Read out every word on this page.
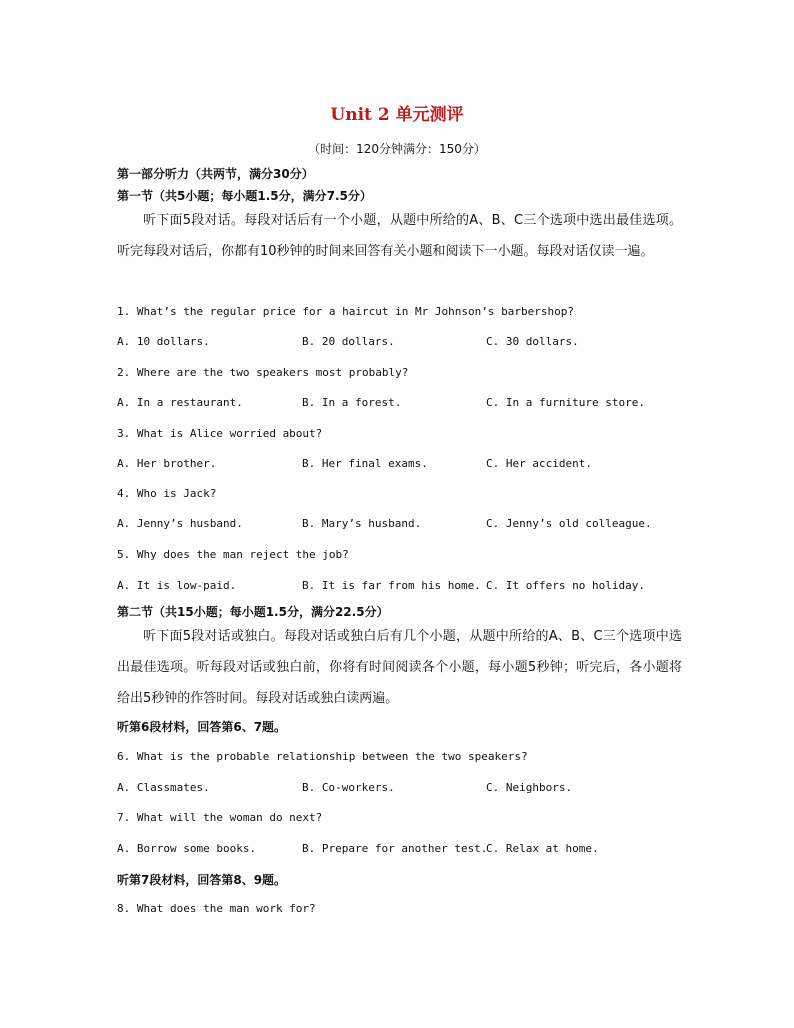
Unit 2 单元测评
（时间：120分钟满分：150分）
第一部分听力（共两节，满分30分）
第一节（共5小题；每小题1.5分，满分7.5分）
听下面5段对话。每段对话后有一个小题，从题中所给的A、B、C三个选项中选出最佳选项。听完每段对话后，你都有10秒钟的时间来回答有关小题和阅读下一小题。每段对话仅读一遍。
1. What’s the regular price for a haircut in Mr Johnson’s barbershop?
A. 10 dollars.	B. 20 dollars.	C. 30 dollars.
2. Where are the two speakers most probably?
A. In a restaurant.	B. In a forest.	C. In a furniture store.
3. What is Alice worried about?
A. Her brother.	B. Her final exams.	C. Her accident.
4. Who is Jack?
A. Jenny’s husband.	B. Mary’s husband.	C. Jenny’s old colleague.
5. Why does the man reject the job?
A. It is low-paid.	B. It is far from his home. C. It offers no holiday.
第二节（共15小题；每小题1.5分，满分22.5分）
听下面5段对话或独白。每段对话或独白后有几个小题，从题中所给的A、B、C三个选项中选出最佳选项。听每段对话或独白前，你将有时间阅读各个小题，每小题5秒钟；听完后，各小题将给出5秒钟的作答时间。每段对话或独白读两遍。
听第6段材料，回答第6、7题。
6. What is the probable relationship between the two speakers?
A. Classmates.	B. Co-workers.	C. Neighbors.
7. What will the woman do next?
A. Borrow some books.	B. Prepare for another test.
C. Relax at home.
听第7段材料，回答第8、9题。
8. What does the man work for?
